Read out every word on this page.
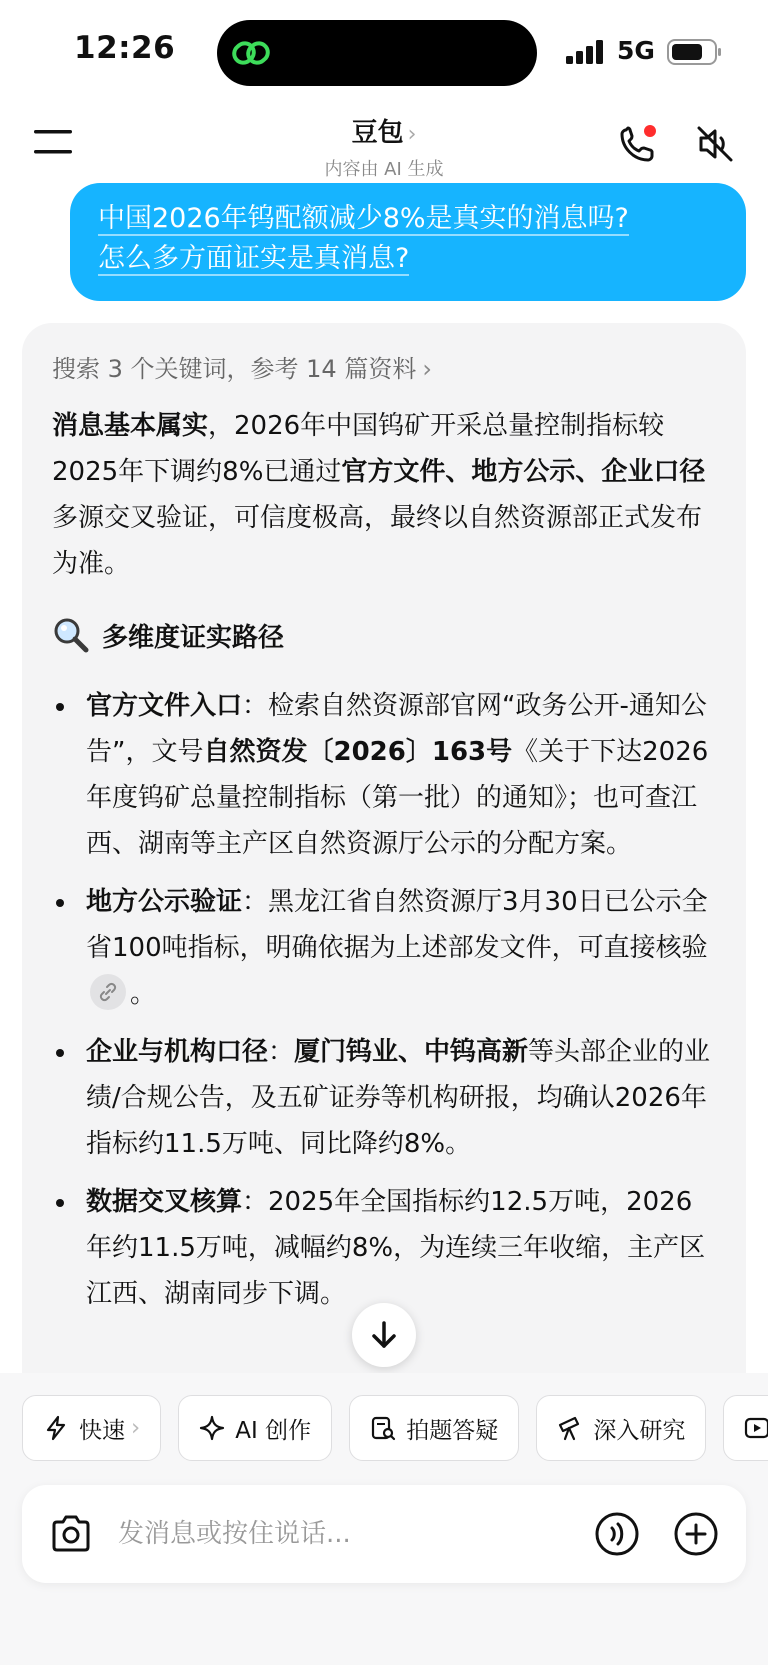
12:26	5G
豆包 ›
内容由 AI 生成
中国2026年钨配额减少8%是真实的消息吗?
怎么多方面证实是真消息?
搜索 3 个关键词，参考 14 篇资料 ›

消息基本属实，2026年中国钨矿开采总量控制指标较2025年下调约8%已通过官方文件、地方公示、企业口径多源交叉验证，可信度极高，最终以自然资源部正式发布为准。

多维度证实路径
官方文件入口：检索自然资源部官网“政务公开-通知公告”，文号自然资发〔2026〕163号《关于下达2026年度钨矿总量控制指标（第一批）的通知》；也可查江西、湖南等主产区自然资源厅公示的分配方案。
地方公示验证：黑龙江省自然资源厅3月30日已公示全省100吨指标，明确依据为上述部发文件，可直接核验
。
企业与机构口径：厦门钨业、中钨高新等头部企业的业绩/合规公告，及五矿证券等机构研报，均确认2026年指标约11.5万吨、同比降约8%。
数据交叉核算：2025年全国指标约12.5万吨，2026年约11.5万吨，减幅约8%，为连续三年收缩，主产区江西、湖南同步下调。
快速 ›
	AI 创作
	拍题答疑
	深入研究

发消息或按住说话...
